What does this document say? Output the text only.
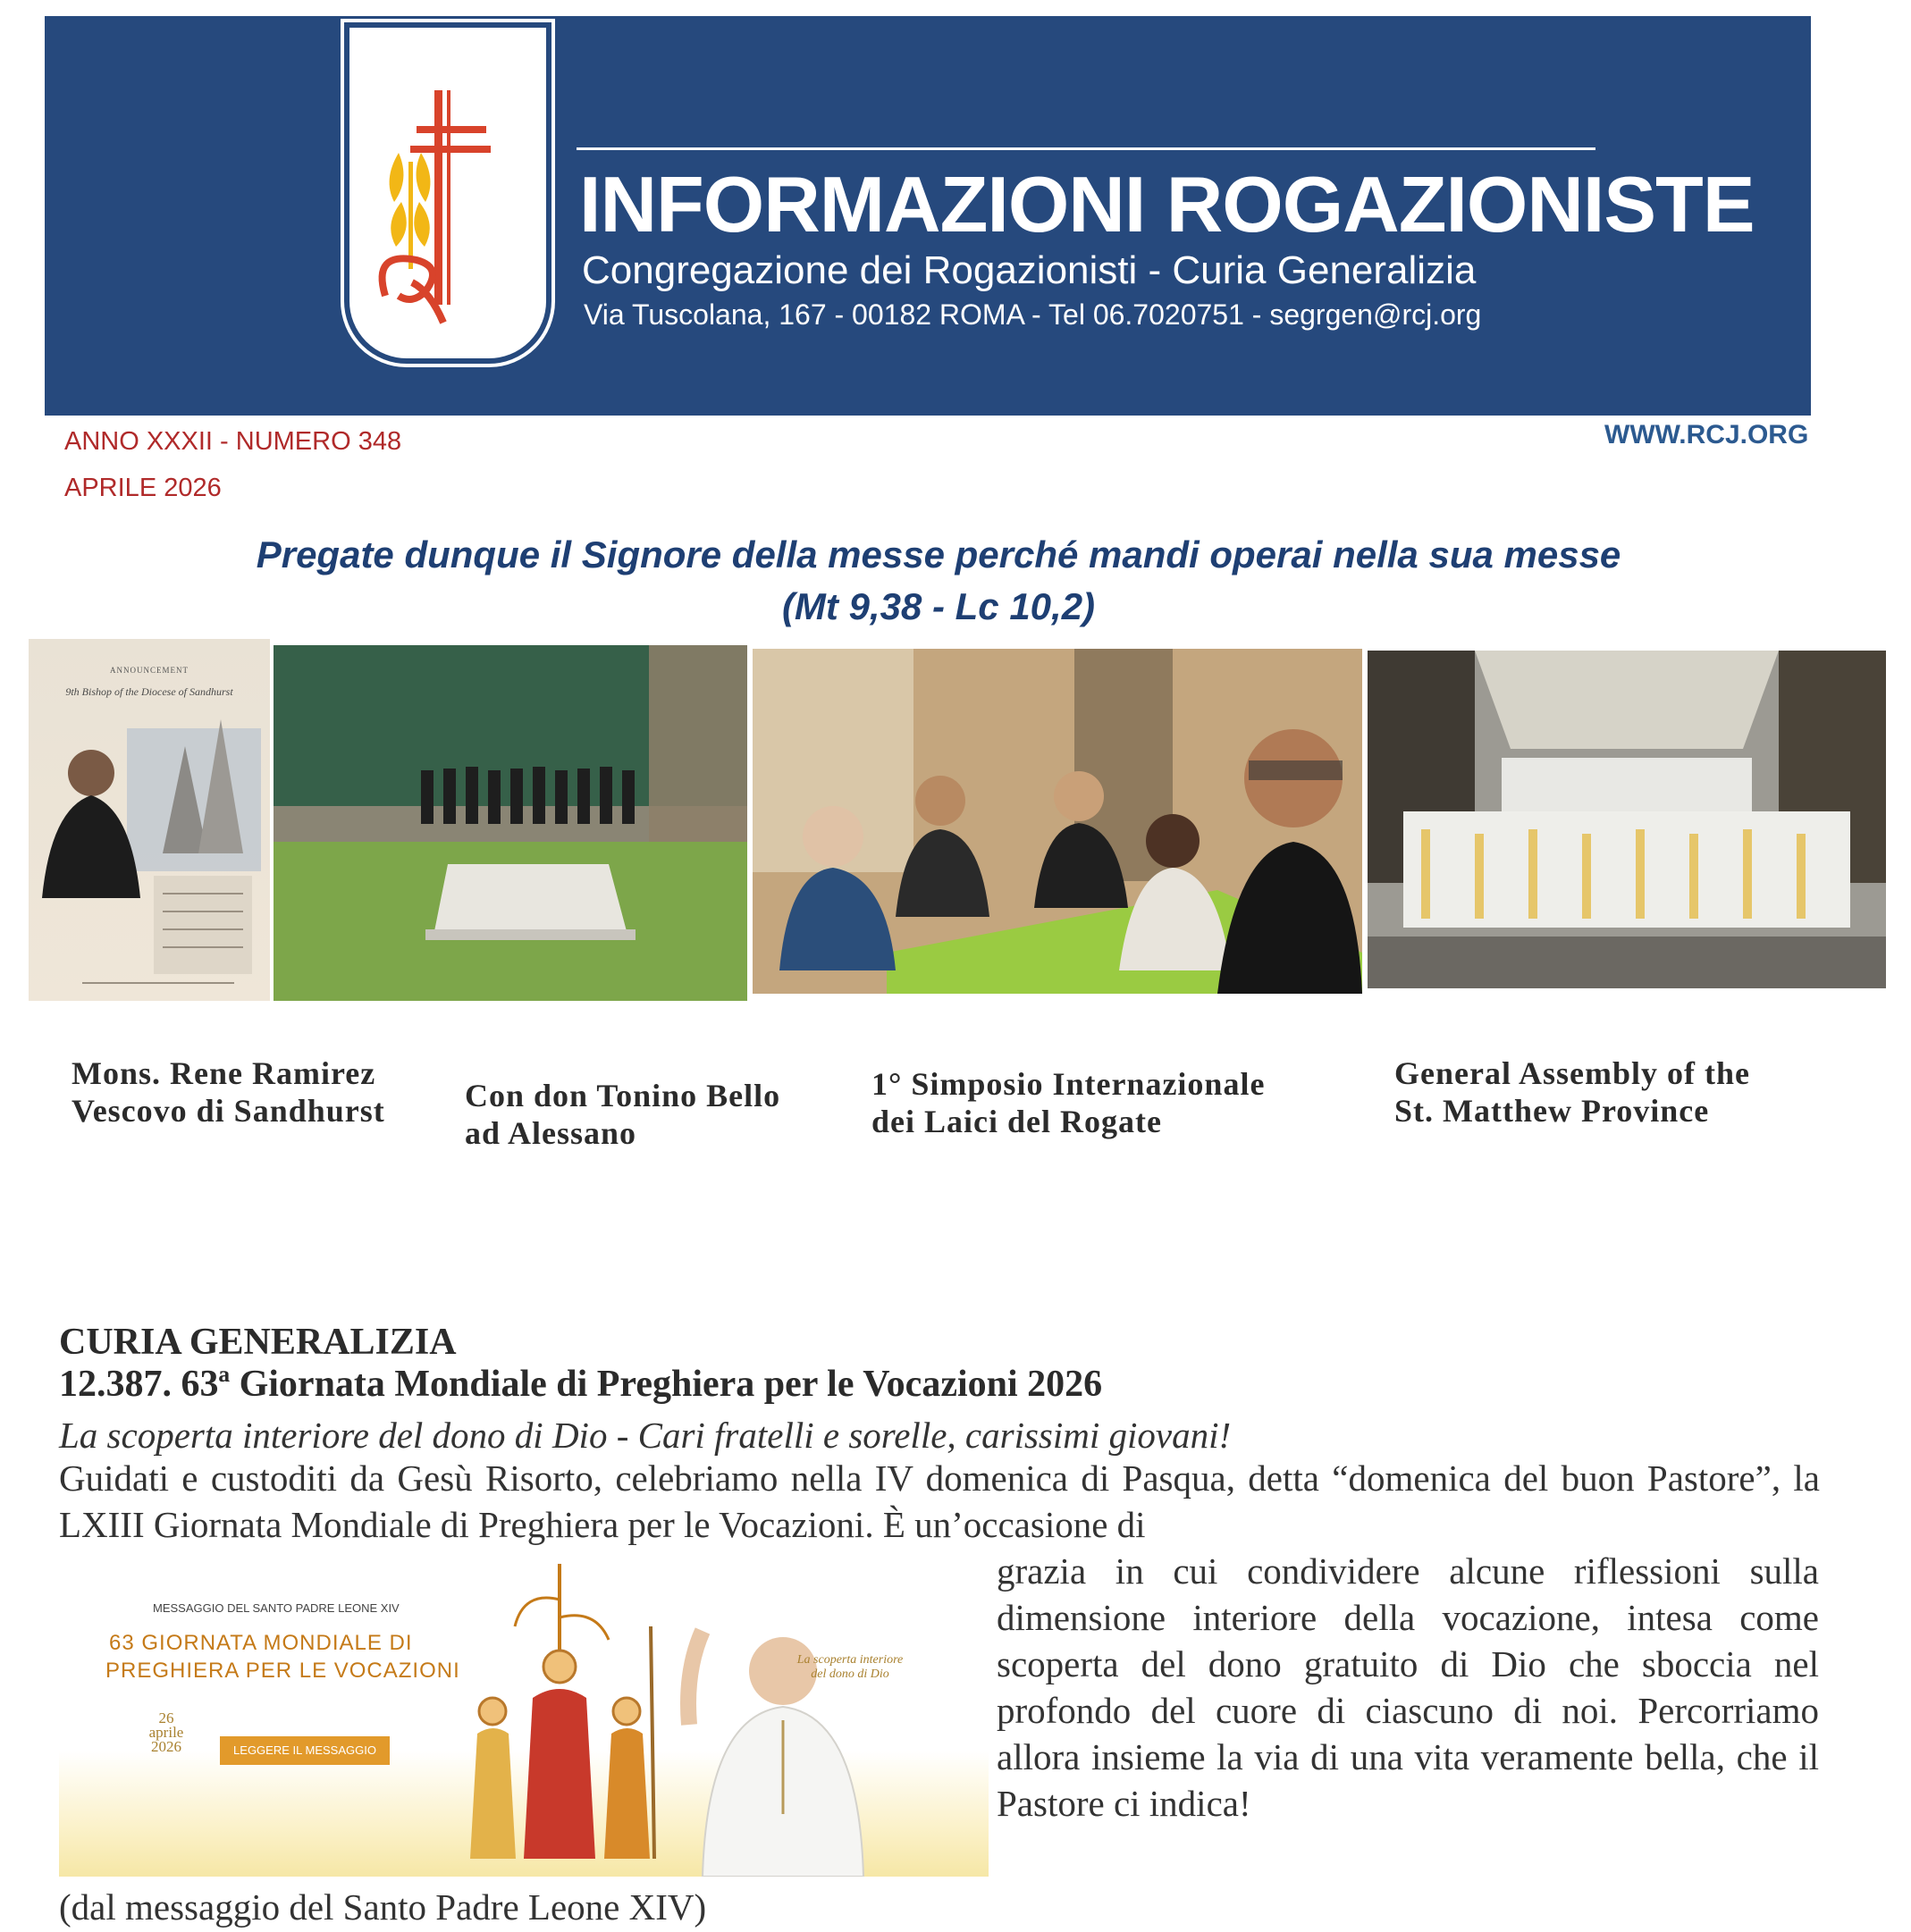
INFORMAZIONI ROGAZIONISTE
Congregazione dei Rogazionisti - Curia Generalizia
Via Tuscolana, 167 - 00182 ROMA - Tel 06.7020751 - segrgen@rcj.org
ANNO XXXII - NUMERO 348
APRILE 2026
WWW.RCJ.ORG
Pregate dunque il Signore della messe perché mandi operai nella sua messe
(Mt 9,38 - Lc 10,2)
ANNOUNCEMENT
9th Bishop of the Diocese of Sandhurst
Mons. Rene Ramirez
Vescovo di Sandhurst Con don Tonino Bello
ad Alessano
1° Simposio Internazionale
dei Laici del Rogate
General Assembly of the
St. Matthew Province
CURIA GENERALIZIA
12.387. 63ª Giornata Mondiale di Preghiera per le Vocazioni 2026
La scoperta interiore del dono di Dio - Cari fratelli e sorelle, carissimi giovani!
Guidati e custoditi da Gesù Risorto, celebriamo nella IV domenica di Pasqua, detta “domenica del buon Pastore”, la LXIII Giornata Mondiale di Preghiera per le Vocazioni. È un’occasione di
MESSAGGIO DEL SANTO PADRE LEONE XIV
63 GIORNATA MONDIALE DI
PREGHIERA PER LE VOCAZIONI
26
aprile
2026	LEGGERE IL MESSAGGIO
La scoperta interiore
del dono di Dio
grazia in cui condividere alcune riflessioni sulla dimensione interiore della vocazione, intesa come scoperta del dono gratuito di Dio che sboccia nel profondo del cuore di ciascuno di noi. Percorriamo allora insieme la via di una vita veramente bella, che il Pastore ci indica!
(dal messaggio del Santo Padre Leone XIV)
